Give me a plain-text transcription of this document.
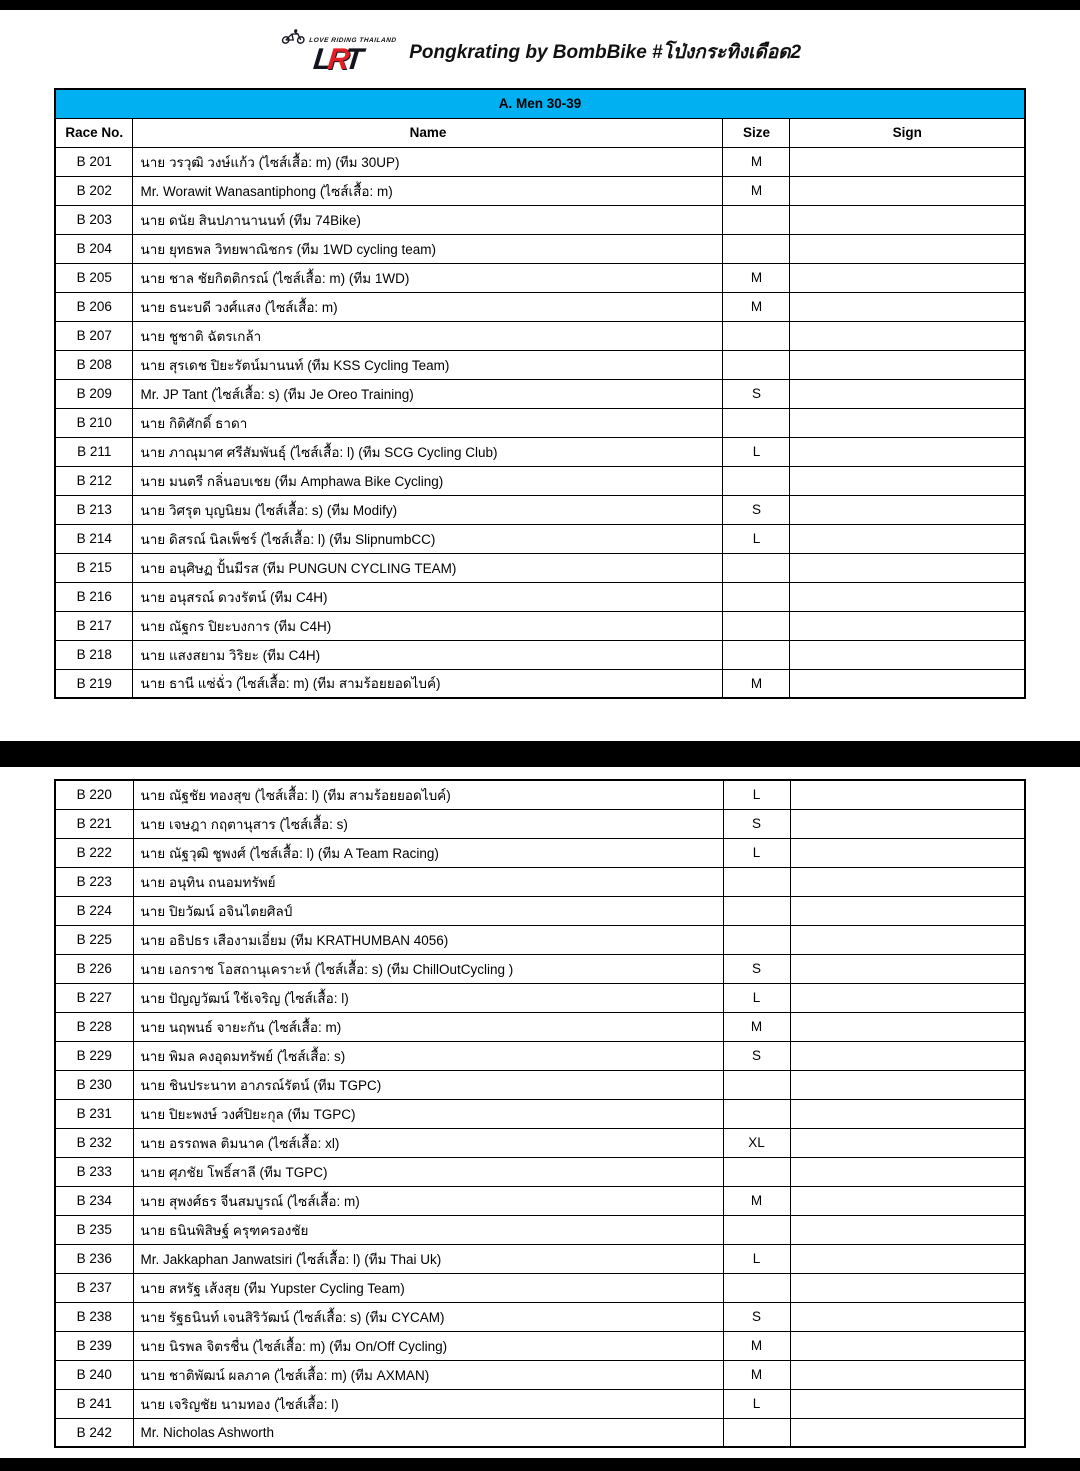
LOVE RIDING THAILAND
LRT	Pongkrating by BombBike #โป่งกระทิงเดือด2
A. Men 30-39			
Race No.	Name	Size	Sign
B 201	นาย วรวุฒิ วงษ์แก้ว (ไซส์เสื้อ: m) (ทีม 30UP)	M	
B 202	Mr. Worawit Wanasantiphong (ไซส์เสื้อ: m)	M	
B 203	นาย ดนัย สินปภานานนท์ (ทีม 74Bike)		
B 204	นาย ยุทธพล วิทยพาณิชกร (ทีม 1WD cycling team)		
B 205	นาย ชาล ชัยกิตติกรณ์ (ไซส์เสื้อ: m) (ทีม 1WD)	M	
B 206	นาย ธนะบดี วงศ์แสง (ไซส์เสื้อ: m)	M	
B 207	นาย ชูชาติ ฉัตรเกล้า		
B 208	นาย สุรเดช ปิยะรัตน์มานนท์ (ทีม KSS Cycling Team)		
B 209	Mr. JP Tant (ไซส์เสื้อ: s) (ทีม Je Oreo Training)	S	
B 210	นาย กิติศักดิ์ ธาดา		
B 211	นาย ภาณุมาศ ศรีสัมพันธุ์ (ไซส์เสื้อ: l) (ทีม SCG Cycling Club)	L	
B 212	นาย มนตรี กลิ่นอบเชย (ทีม Amphawa Bike Cycling)		
B 213	นาย วิศรุต บุญนิยม (ไซส์เสื้อ: s) (ทีม Modify)	S	
B 214	นาย ดิสรณ์ นิลเพ็ชร์ (ไซส์เสื้อ: l) (ทีม SlipnumbCC)	L	
B 215	นาย อนุศิษฏ ปั้นมีรส (ทีม PUNGUN CYCLING TEAM)		
B 216	นาย อนุสรณ์ ดวงรัตน์ (ทีม C4H)		
B 217	นาย ณัฐกร ปิยะบงการ (ทีม C4H)		
B 218	นาย แสงสยาม วิริยะ (ทีม C4H)		
B 219	นาย ธานี แซ่ฉั่ว (ไซส์เสื้อ: m) (ทีม สามร้อยยอดไบค์)	M	
B 220	นาย ณัฐชัย ทองสุข (ไซส์เสื้อ: l) (ทีม สามร้อยยอดไบค์)	L	
B 221	นาย เจษฎา กฤตานุสาร (ไซส์เสื้อ: s)	S	
B 222	นาย ณัฐวุฒิ ชูพงศ์ (ไซส์เสื้อ: l) (ทีม A Team Racing)	L	
B 223	นาย อนุทิน ถนอมทรัพย์		
B 224	นาย ปิยวัฒน์ อจินไตยศิลป์		
B 225	นาย อธิปธร เสืองามเอี่ยม (ทีม KRATHUMBAN 4056)		
B 226	นาย เอกราช โอสถานุเคราะห์ (ไซส์เสื้อ: s) (ทีม ChillOutCycling )	S	
B 227	นาย ปัญญวัฒน์ ใช้เจริญ (ไซส์เสื้อ: l)	L	
B 228	นาย นฤพนธ์ จายะกัน (ไซส์เสื้อ: m)	M	
B 229	นาย พิมล คงอุดมทรัพย์ (ไซส์เสื้อ: s)	S	
B 230	นาย ชินประนาท อาภรณ์รัตน์ (ทีม TGPC)		
B 231	นาย ปิยะพงษ์ วงศ์ปิยะกุล (ทีม TGPC)		
B 232	นาย อรรถพล ติมนาค (ไซส์เสื้อ: xl)	XL	
B 233	นาย ศุภชัย โพธิ์สาลี (ทีม TGPC)		
B 234	นาย สุพงศ์ธร จีนสมบูรณ์ (ไซส์เสื้อ: m)	M	
B 235	นาย ธนินพิสิษฐ์ ครุฑครองชัย		
B 236	Mr. Jakkaphan Janwatsiri (ไซส์เสื้อ: l) (ทีม Thai Uk)	L	
B 237	นาย สหรัฐ เส้งสุย (ทีม Yupster Cycling Team)		
B 238	นาย รัฐธนินท์ เจนสิริวัฒน์ (ไซส์เสื้อ: s) (ทีม CYCAM)	S	
B 239	นาย นิรพล จิตรชื่น (ไซส์เสื้อ: m) (ทีม On/Off Cycling)	M	
B 240	นาย ชาติพัฒน์ ผลภาค (ไซส์เสื้อ: m) (ทีม AXMAN)	M	
B 241	นาย เจริญชัย นามทอง (ไซส์เสื้อ: l)	L	
B 242	Mr. Nicholas Ashworth		
